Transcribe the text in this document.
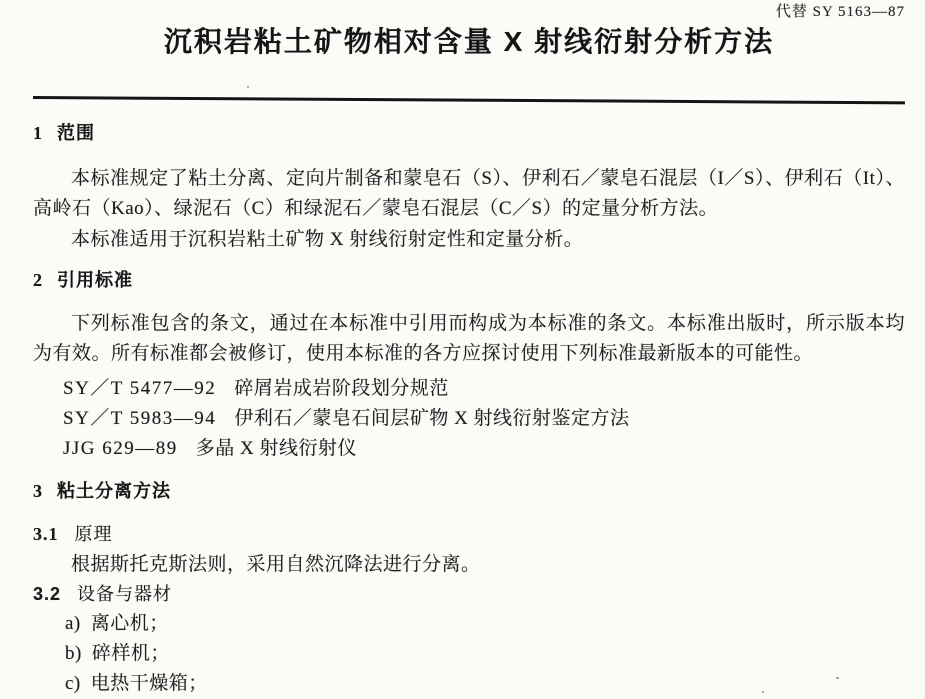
代替 SY 5163—87
沉积岩粘土矿物相对含量 X 射线衍射分析方法
1 范围
本标准规定了粘土分离、定向片制备和蒙皂石（S）、伊利石／蒙皂石混层（I／S）、伊利石（It）、高岭石（Kao）、绿泥石（C）和绿泥石／蒙皂石混层（C／S）的定量分析方法。
本标准适用于沉积岩粘土矿物 X 射线衍射定性和定量分析。
2 引用标准
下列标准包含的条文，通过在本标准中引用而构成为本标准的条文。本标准出版时，所示版本均为有效。所有标准都会被修订，使用本标准的各方应探讨使用下列标准最新版本的可能性。
SY／T 5477—92 碎屑岩成岩阶段划分规范
SY／T 5983—94 伊利石／蒙皂石间层矿物 X 射线衍射鉴定方法
JJG 629—89 多晶 X 射线衍射仪
3 粘土分离方法
3.1 原理
根据斯托克斯法则，采用自然沉降法进行分离。
3.2 设备与器材
a) 离心机；
b) 碎样机；
c) 电热干燥箱；
